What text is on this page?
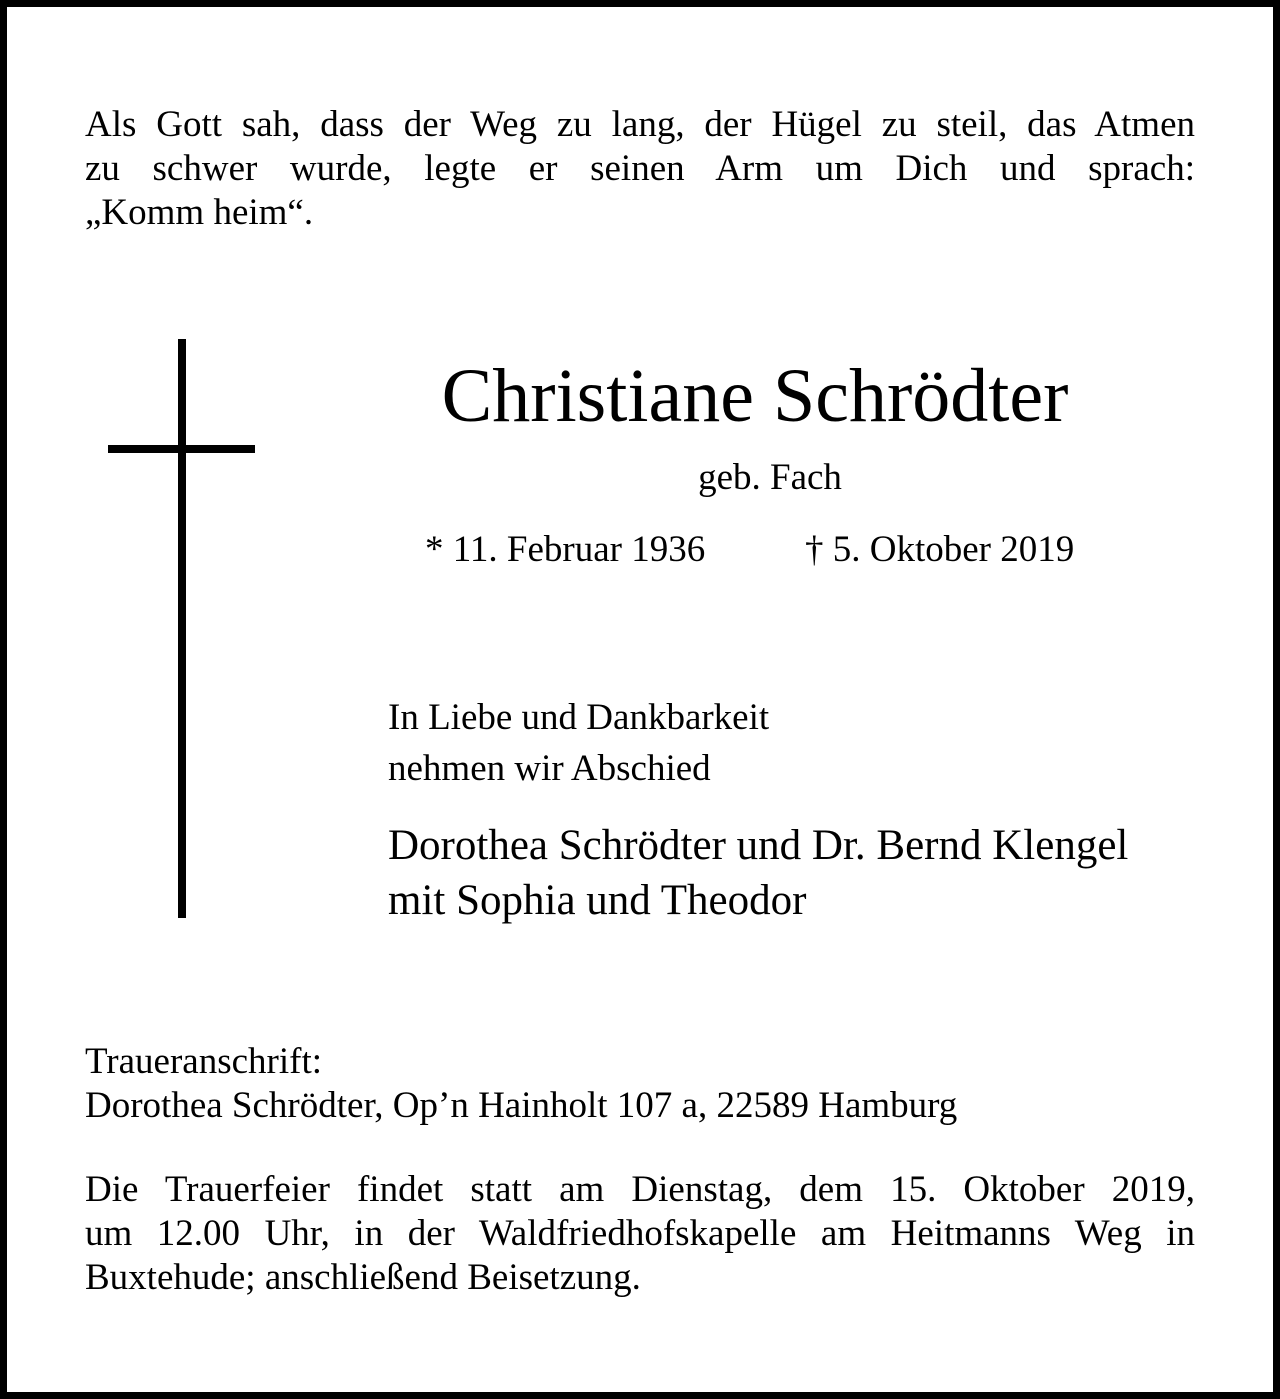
Als Gott sah, dass der Weg zu lang, der Hügel zu steil, das Atmen
zu schwer wurde, legte er seinen Arm um Dich und sprach:
„Komm heim“.
Christiane Schrödter
geb. Fach
* 11. Februar 1936	† 5. Oktober 2019
In Liebe und Dankbarkeit
nehmen wir Abschied
Dorothea Schrödter und Dr. Bernd Klengel
mit Sophia und Theodor
Traueranschrift:
Dorothea Schrödter, Op’n Hainholt 107 a, 22589 Hamburg
Die Trauerfeier findet statt am Dienstag, dem 15. Oktober 2019,
um 12.00 Uhr, in der Waldfriedhofskapelle am Heitmanns Weg in
Buxtehude; anschließend Beisetzung.
